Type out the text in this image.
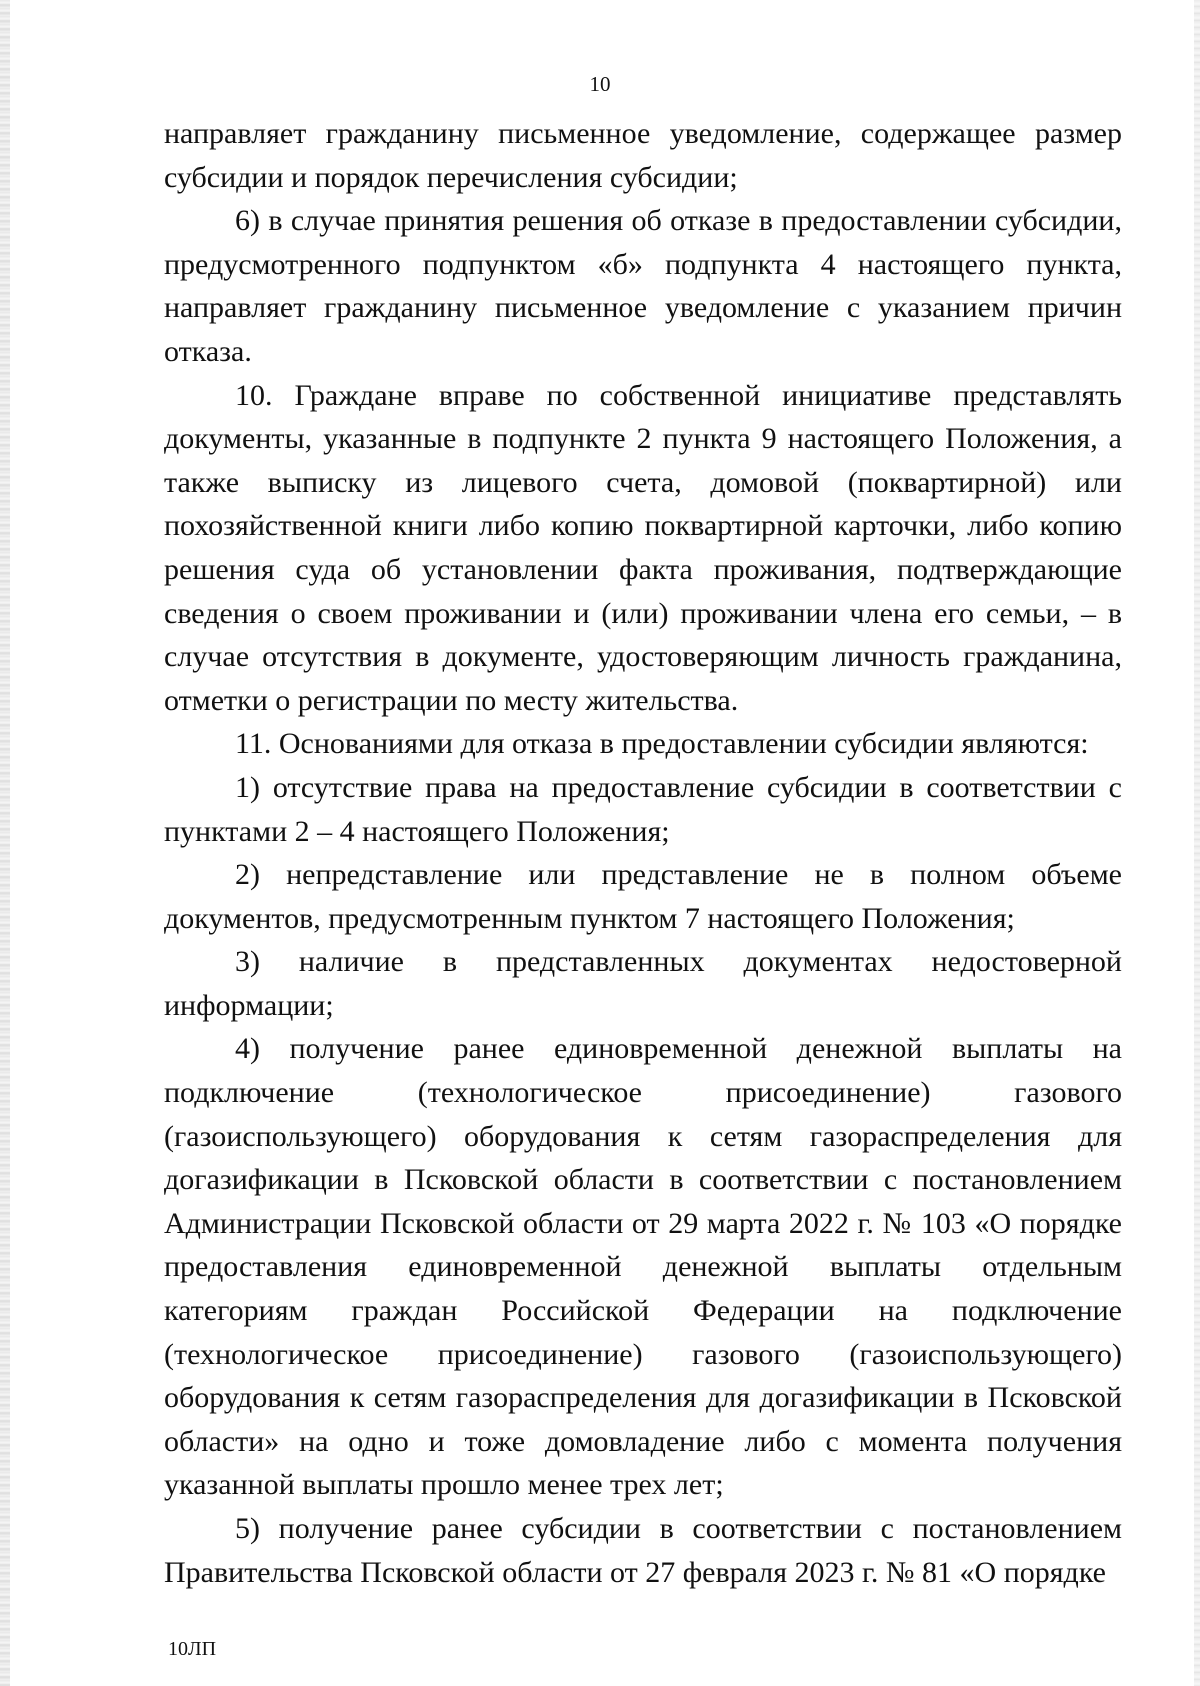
10

направляет гражданину письменное уведомление, содержащее размер субсидии и порядок перечисления субсидии;

6) в случае принятия решения об отказе в предоставлении субсидии, предусмотренного подпунктом «б» подпункта 4 настоящего пункта, направляет гражданину письменное уведомление с указанием причин отказа.

10. Граждане вправе по собственной инициативе представлять документы, указанные в подпункте 2 пункта 9 настоящего Положения, а также выписку из лицевого счета, домовой (поквартирной) или похозяйственной книги либо копию поквартирной карточки, либо копию решения суда об установлении факта проживания, подтверждающие сведения о своем проживании и (или) проживании члена его семьи, – в случае отсутствия в документе, удостоверяющим личность гражданина, отметки о регистрации по месту жительства.

11. Основаниями для отказа в предоставлении субсидии являются:

1) отсутствие права на предоставление субсидии в соответствии с пунктами 2 – 4 настоящего Положения;

2) непредставление или представление не в полном объеме документов, предусмотренным пунктом 7 настоящего Положения;

3) наличие в представленных документах недостоверной информации;

4) получение ранее единовременной денежной выплаты на подключение (технологическое присоединение) газового (газоиспользующего) оборудования к сетям газораспределения для догазификации в Псковской области в соответствии с постановлением Администрации Псковской области от 29 марта 2022 г. № 103 «О порядке предоставления единовременной денежной выплаты отдельным категориям граждан Российской Федерации на подключение (технологическое присоединение) газового (газоиспользующего) оборудования к сетям газораспределения для догазификации в Псковской области» на одно и тоже домовладение либо с момента получения указанной выплаты прошло менее трех лет;

5) получение ранее субсидии в соответствии с постановлением Правительства Псковской области от 27 февраля 2023 г. № 81 «О порядке

10ЛП
